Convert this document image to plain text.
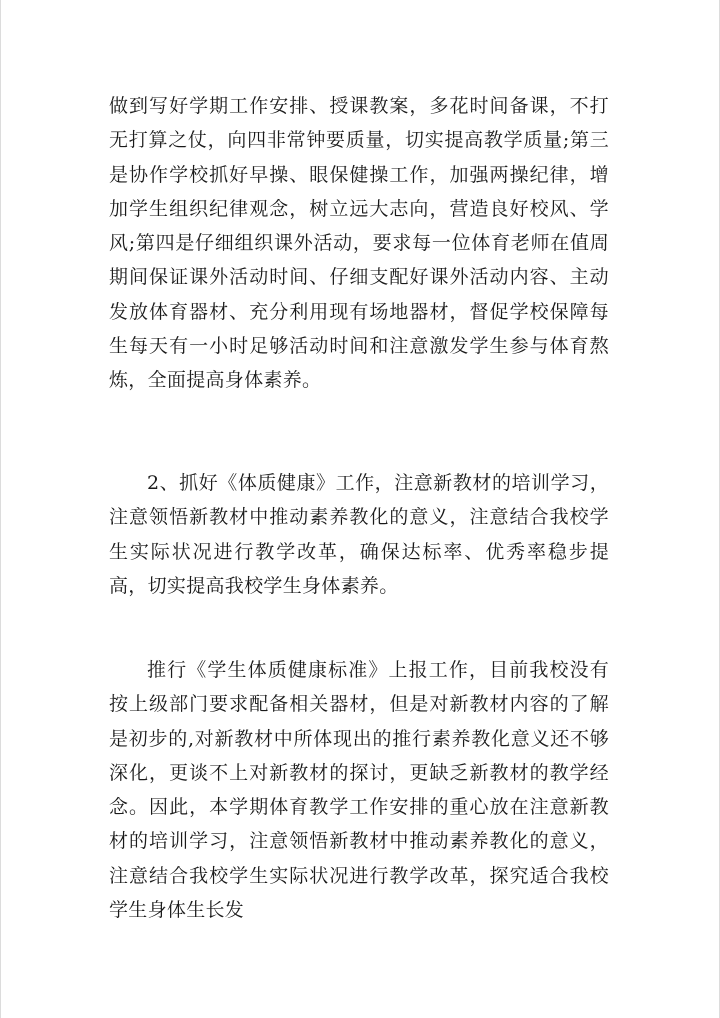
做到写好学期工作安排、授课教案，多花时间备课，不打无打算之仗，向四非常钟要质量，切实提高教学质量;第三是协作学校抓好早操、眼保健操工作，加强两操纪律，增加学生组织纪律观念，树立远大志向，营造良好校风、学风;第四是仔细组织课外活动，要求每一位体育老师在值周期间保证课外活动时间、仔细支配好课外活动内容、主动发放体育器材、充分利用现有场地器材，督促学校保障每生每天有一小时足够活动时间和注意激发学生参与体育熬炼，全面提高身体素养。

2、抓好《体质健康》工作，注意新教材的培训学习，注意领悟新教材中推动素养教化的意义，注意结合我校学生实际状况进行教学改革，确保达标率、优秀率稳步提高，切实提高我校学生身体素养。

推行《学生体质健康标准》上报工作，目前我校没有按上级部门要求配备相关器材，但是对新教材内容的了解是初步的,对新教材中所体现出的推行素养教化意义还不够深化，更谈不上对新教材的探讨，更缺乏新教材的教学经念。因此，本学期体育教学工作安排的重心放在注意新教材的培训学习，注意领悟新教材中推动素养教化的意义，注意结合我校学生实际状况进行教学改革，探究适合我校学生身体生长发
